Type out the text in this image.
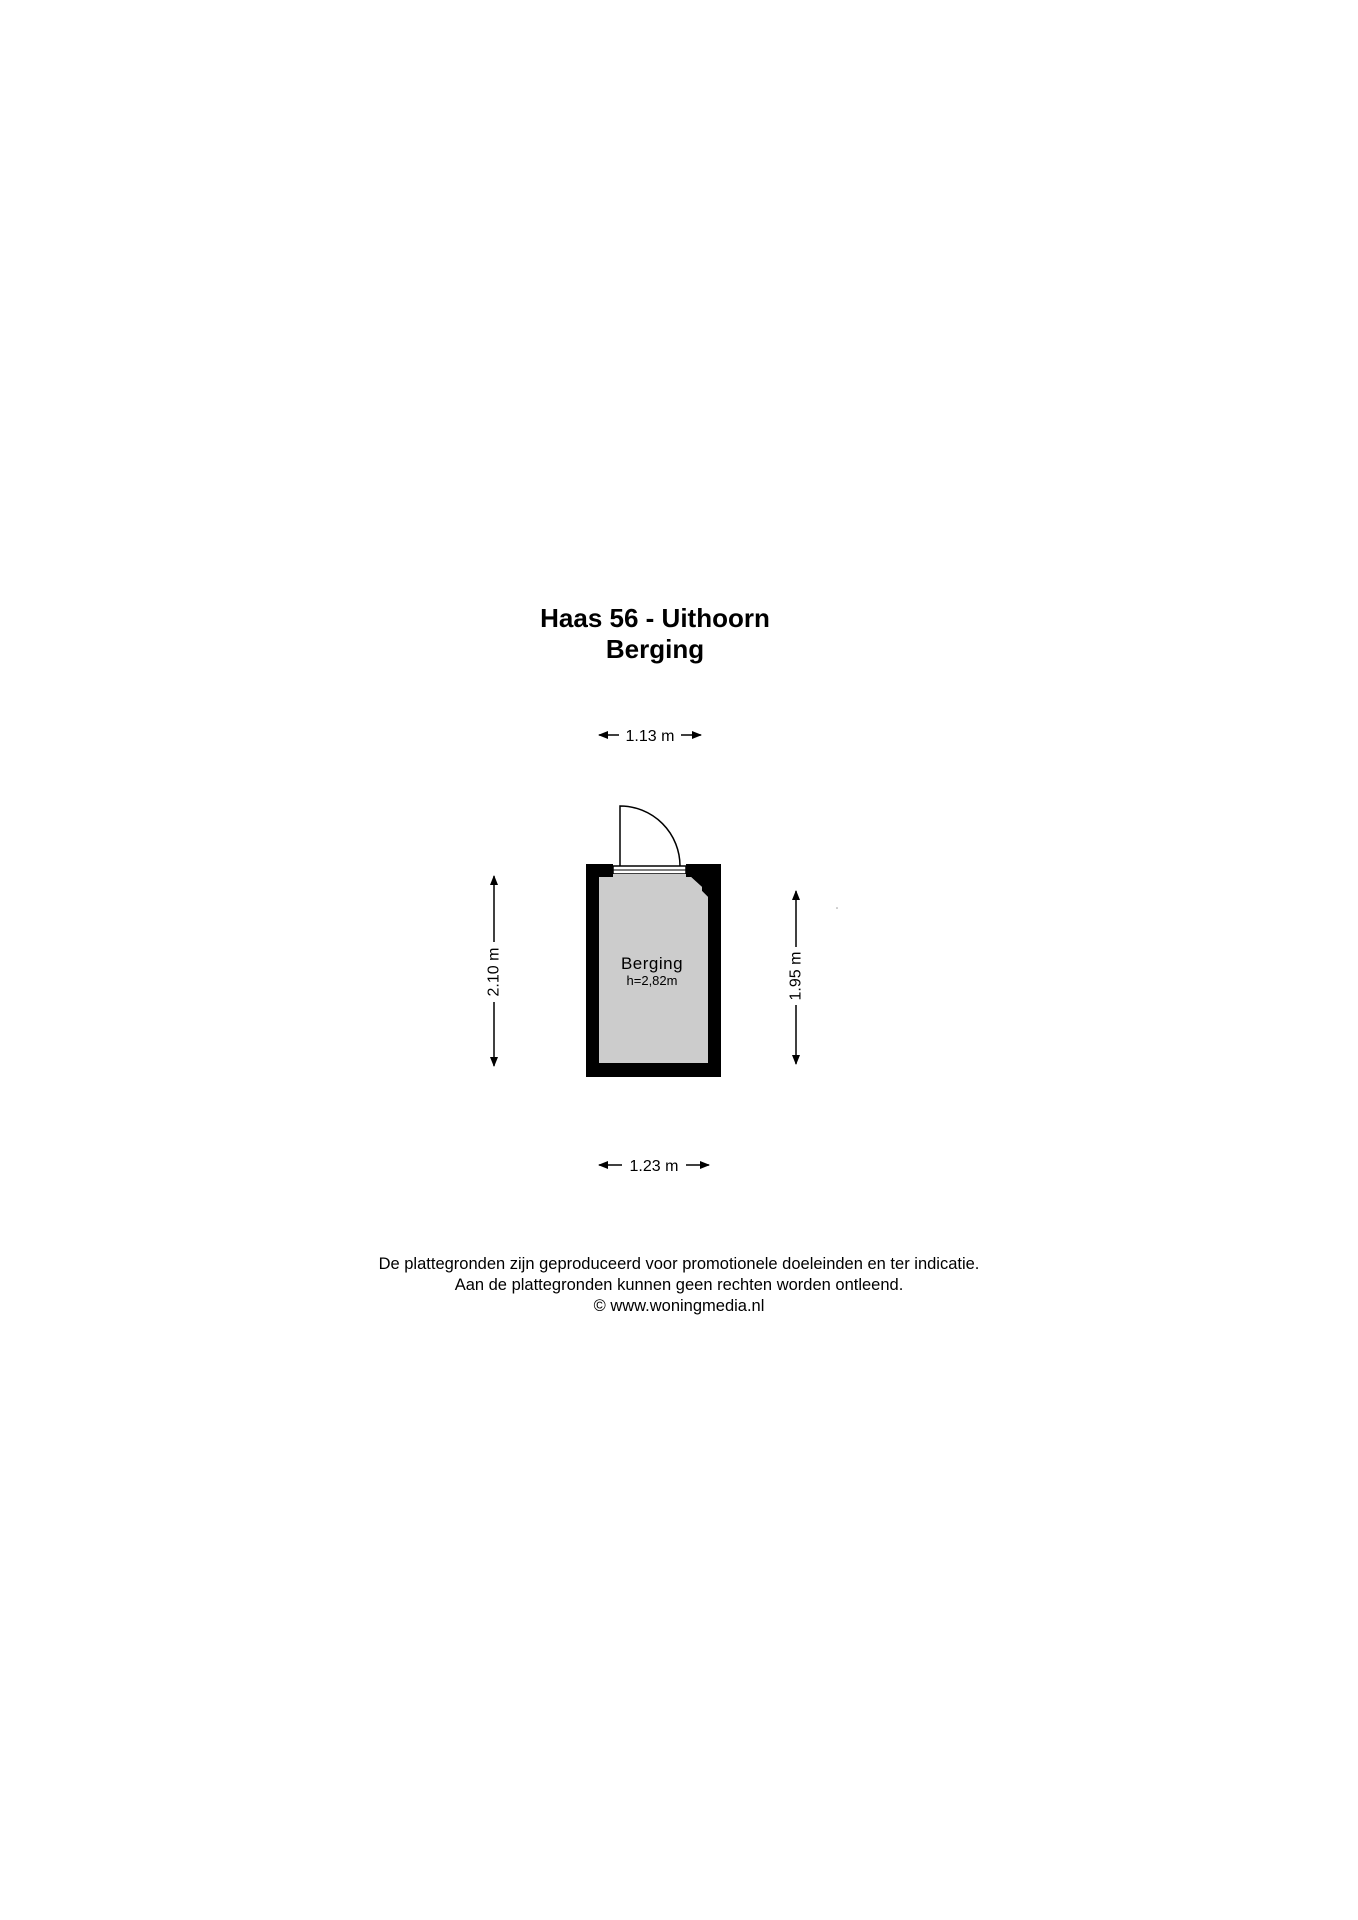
Haas 56 - Uithoorn
Berging
1.13 m
1.23 m
2.10 m	1.95 m
Berging
h=2,82m
De plattegronden zijn geproduceerd voor promotionele doeleinden en ter indicatie.
Aan de plattegronden kunnen geen rechten worden ontleend.
© www.woningmedia.nl
